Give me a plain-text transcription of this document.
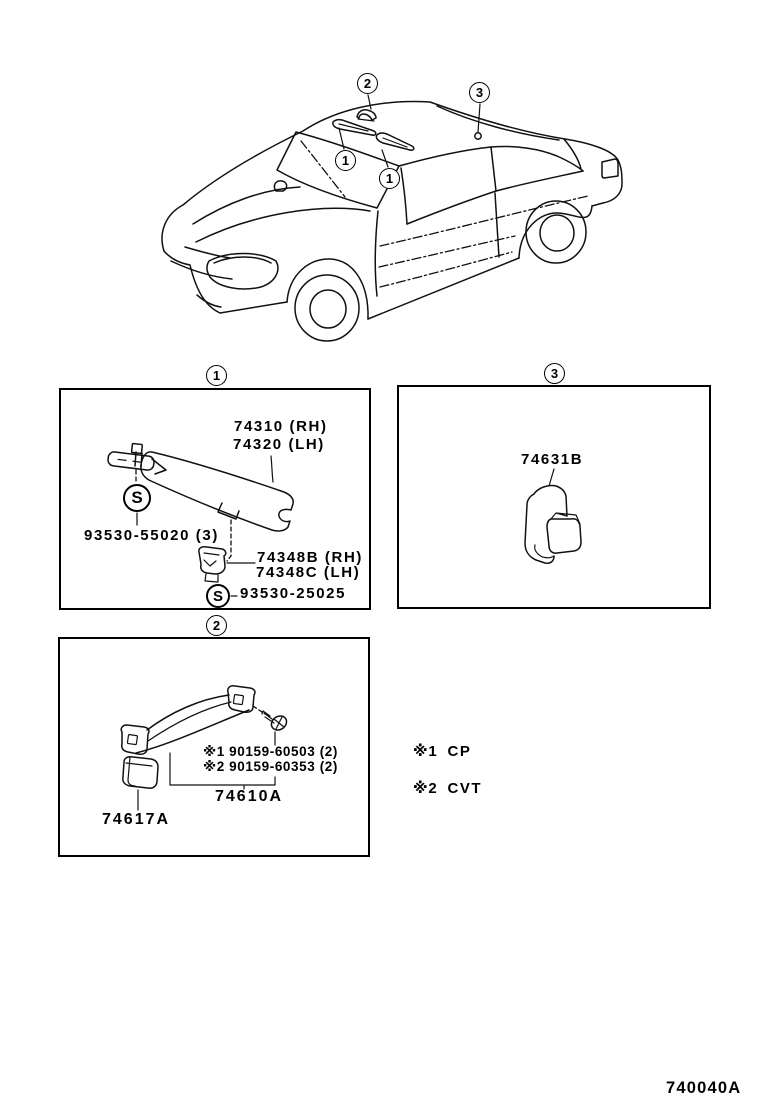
2
3
1
1
1	3
2
S
S
74310 (RH)
74320 (LH)
93530-55020 (3)
74348B (RH)
74348C (LH)
93530-25025
74631B
※1 90159-60503 (2)
※2 90159-60353 (2)
74610A
74617A
※1 CP
※2 CVT
740040A
